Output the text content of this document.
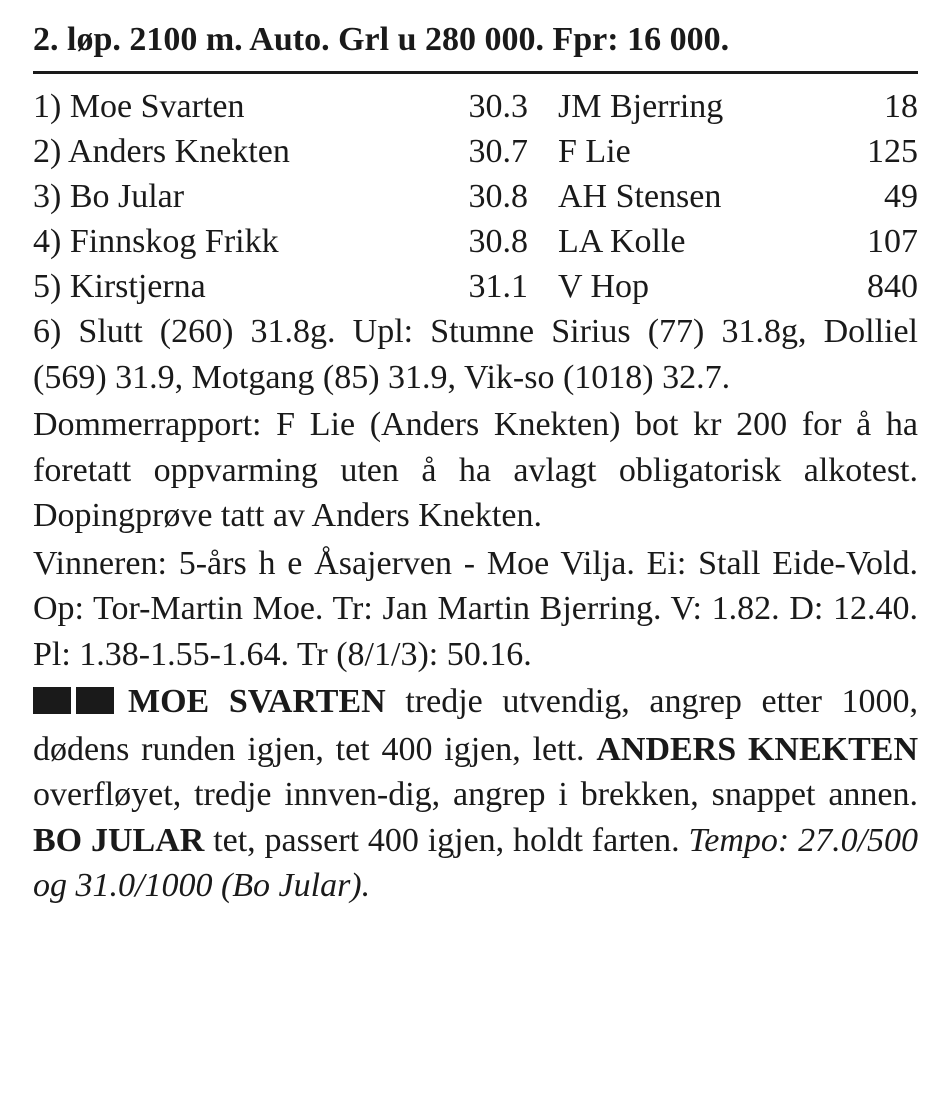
2. løp. 2100 m. Auto. Grl u 280 000. Fpr: 16 000.
1) Moe Svarten	30.3 JM Bjerring	18
2) Anders Knekten	30.7 F Lie	125
3) Bo Jular	30.8 AH Stensen	49
4) Finnskog Frikk	30.8 LA Kolle	107
5) Kirstjerna	31.1 V Hop	840

6) Slutt (260) 31.8g. Upl: Stumne Sirius (77) 31.8g, Dolliel (569) 31.9, Motgang (85) 31.9, Vik-so (1018) 32.7.

Dommerrapport: F Lie (Anders Knekten) bot kr 200 for å ha foretatt oppvarming uten å ha avlagt obligatorisk alkotest. Dopingprøve tatt av Anders Knekten.

Vinneren: 5-års h e Åsajerven - Moe Vilja. Ei: Stall Eide-Vold. Op: Tor-Martin Moe. Tr: Jan Martin Bjerring. V: 1.82. D: 12.40. Pl: 1.38-1.55-1.64. Tr (8/1/3): 50.16.

MOE SVARTEN tredje utvendig, angrep etter 1000, dødens runden igjen, tet 400 igjen, lett. ANDERS KNEKTEN overfløyet, tredje innven-dig, angrep i brekken, snappet annen. BO JULAR tet, passert 400 igjen, holdt farten. Tempo: 27.0/500 og 31.0/1000 (Bo Jular).
